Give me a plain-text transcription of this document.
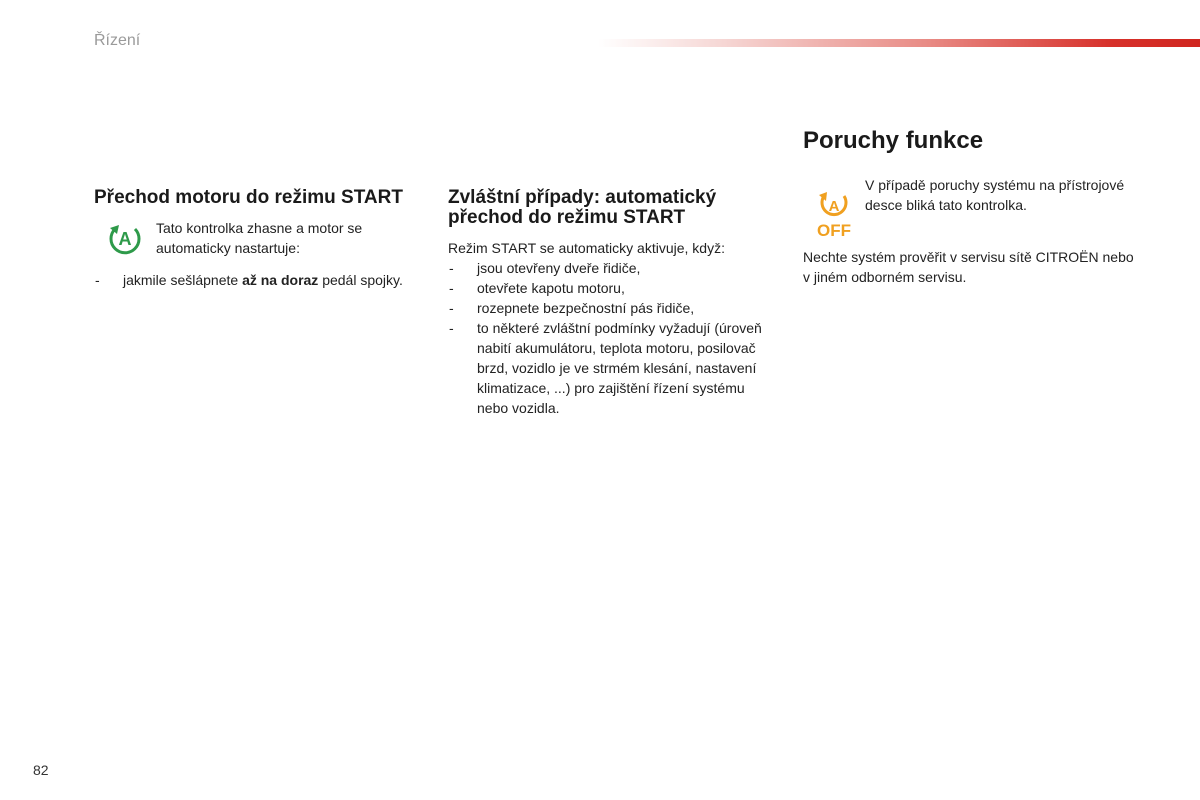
Řízení
Přechod motoru do režimu START
A
Tato kontrolka zhasne a motor se automaticky nastartuje:
- jakmile sešlápnete až na doraz pedál spojky.
Zvláštní případy: automatický přechod do režimu START
Režim START se automaticky aktivuje, když:
- jsou otevřeny dveře řidiče,
- otevřete kapotu motoru,
- rozepnete bezpečnostní pás řidiče,
- to některé zvláštní podmínky vyžadují (úroveň nabití akumulátoru, teplota motoru, posilovač brzd, vozidlo je ve strmém klesání, nastavení klimatizace, ...) pro zajištění řízení systému nebo vozidla.
Poruchy funkce
A
OFF
V případě poruchy systému na přístrojové desce bliká tato kontrolka.
Nechte systém prověřit v servisu sítě CITROËN nebo v jiném odborném servisu.
82
